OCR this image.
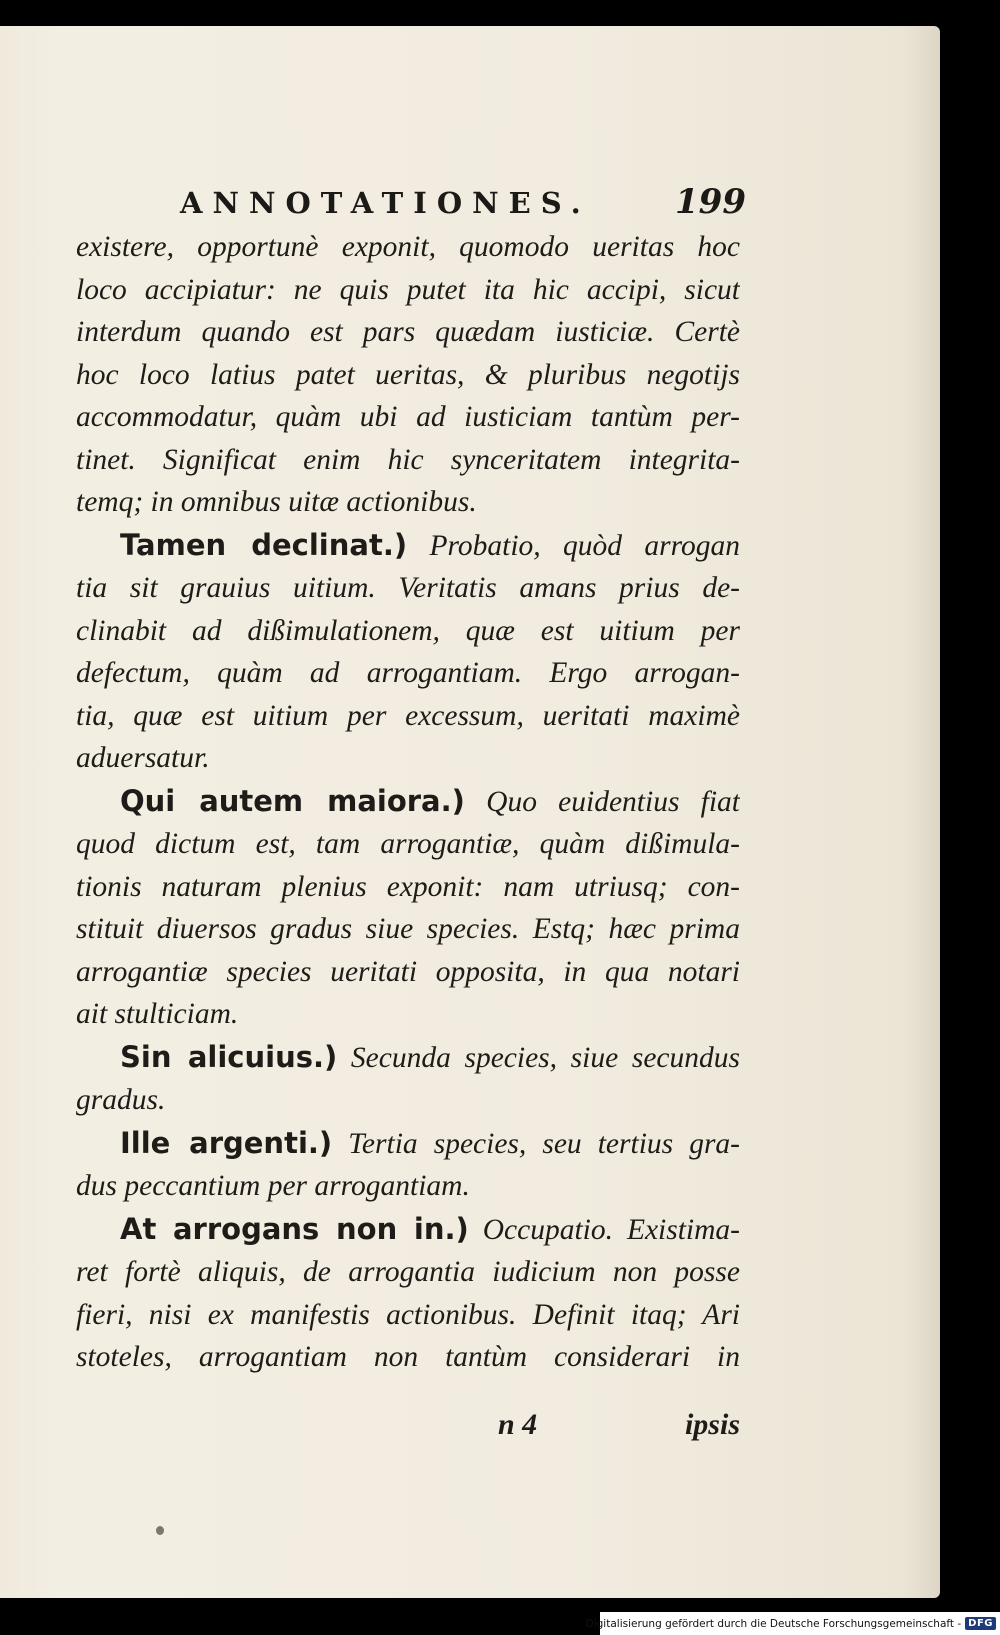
ANNOTATIONES. 199
existere, opportunè exponit, quomodo ueritas hoc
loco accipiatur: ne quis putet ita hic accipi, sicut
interdum quando est pars quædam iusticiæ. Certè
hoc loco latius patet ueritas, & pluribus negotijs
accommodatur, quàm ubi ad iusticiam tantùm per-
tinet. Significat enim hic synceritatem integrita-
temq; in omnibus uitæ actionibus.
Tamen declinat.) Probatio, quòd arrogan
tia sit grauius uitium. Veritatis amans prius de-
clinabit ad dißimulationem, quæ est uitium per
defectum, quàm ad arrogantiam. Ergo arrogan-
tia, quæ est uitium per excessum, ueritati maximè
aduersatur.
Qui autem maiora.) Quo euidentius fiat
quod dictum est, tam arrogantiæ, quàm dißimula-
tionis naturam plenius exponit: nam utriusq; con-
stituit diuersos gradus siue species. Estq; hæc prima
arrogantiæ species ueritati opposita, in qua notari
ait stulticiam.
Sin alicuius.) Secunda species, siue secundus
gradus.
Ille argenti.) Tertia species, seu tertius gra-
dus peccantium per arrogantiam.
At arrogans non in.) Occupatio. Existima-
ret fortè aliquis, de arrogantia iudicium non posse
fieri, nisi ex manifestis actionibus. Definit itaq; Ari
stoteles, arrogantiam non tantùm considerari in
n 4	ipsis
Digitalisierung gefördert durch die Deutsche Forschungsgemeinschaft - DFG
